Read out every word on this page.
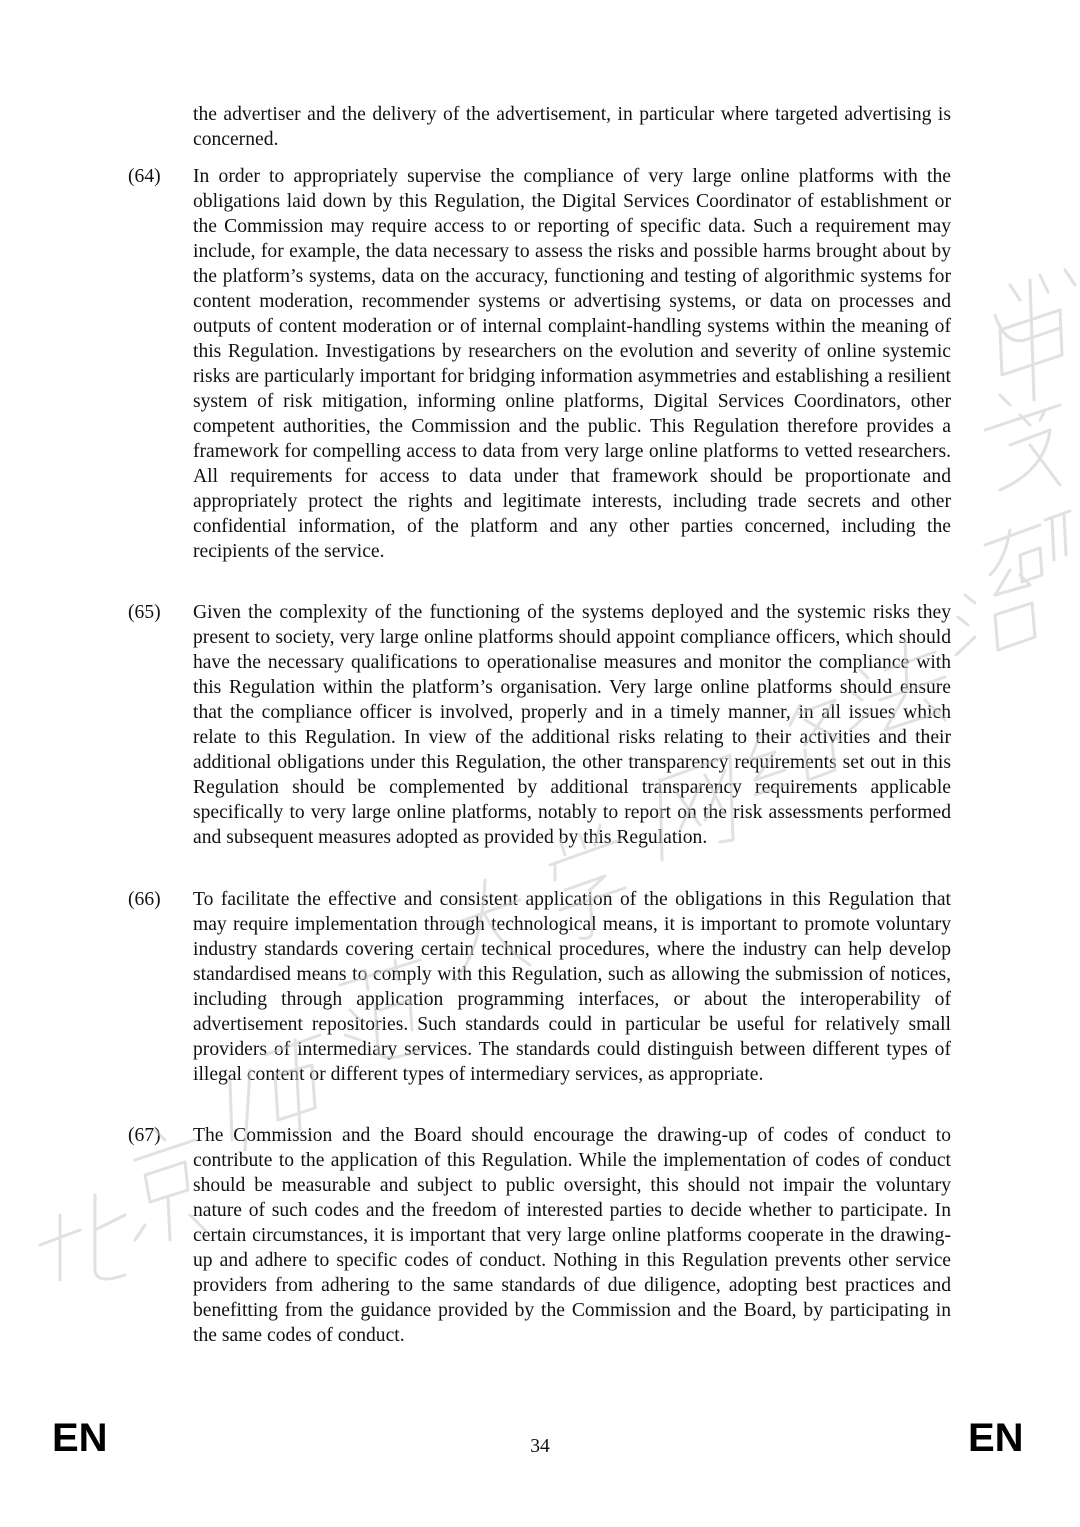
the advertiser and the delivery of the advertisement, in particular where targeted advertising is concerned.

(64) In order to appropriately supervise the compliance of very large online platforms with the obligations laid down by this Regulation, the Digital Services Coordinator of establishment or the Commission may require access to or reporting of specific data. Such a requirement may include, for example, the data necessary to assess the risks and possible harms brought about by the platform’s systems, data on the accuracy, functioning and testing of algorithmic systems for content moderation, recommender systems or advertising systems, or data on processes and outputs of content moderation or of internal complaint-handling systems within the meaning of this Regulation. Investigations by researchers on the evolution and severity of online systemic risks are particularly important for bridging information asymmetries and establishing a resilient system of risk mitigation, informing online platforms, Digital Services Coordinators, other competent authorities, the Commission and the public. This Regulation therefore provides a framework for compelling access to data from very large online platforms to vetted researchers. All requirements for access to data under that framework should be proportionate and appropriately protect the rights and legitimate interests, including trade secrets and other confidential information, of the platform and any other parties concerned, including the recipients of the service.

(65) Given the complexity of the functioning of the systems deployed and the systemic risks they present to society, very large online platforms should appoint compliance officers, which should have the necessary qualifications to operationalise measures and monitor the compliance with this Regulation within the platform’s organisation. Very large online platforms should ensure that the compliance officer is involved, properly and in a timely manner, in all issues which relate to this Regulation. In view of the additional risks relating to their activities and their additional obligations under this Regulation, the other transparency requirements set out in this Regulation should be complemented by additional transparency requirements applicable specifically to very large online platforms, notably to report on the risk assessments performed and subsequent measures adopted as provided by this Regulation.

(66) To facilitate the effective and consistent application of the obligations in this Regulation that may require implementation through technological means, it is important to promote voluntary industry standards covering certain technical procedures, where the industry can help develop standardised means to comply with this Regulation, such as allowing the submission of notices, including through application programming interfaces, or about the interoperability of advertisement repositories. Such standards could in particular be useful for relatively small providers of intermediary services. The standards could distinguish between different types of illegal content or different types of intermediary services, as appropriate.

(67) The Commission and the Board should encourage the drawing-up of codes of conduct to contribute to the application of this Regulation. While the implementation of codes of conduct should be measurable and subject to public oversight, this should not impair the voluntary nature of such codes and the freedom of interested parties to decide whether to participate. In certain circumstances, it is important that very large online platforms cooperate in the drawing-up and adhere to specific codes of conduct. Nothing in this Regulation prevents other service providers from adhering to the same standards of due diligence, adopting best practices and benefitting from the guidance provided by the Commission and the Board, by participating in the same codes of conduct.

EN	34	EN
